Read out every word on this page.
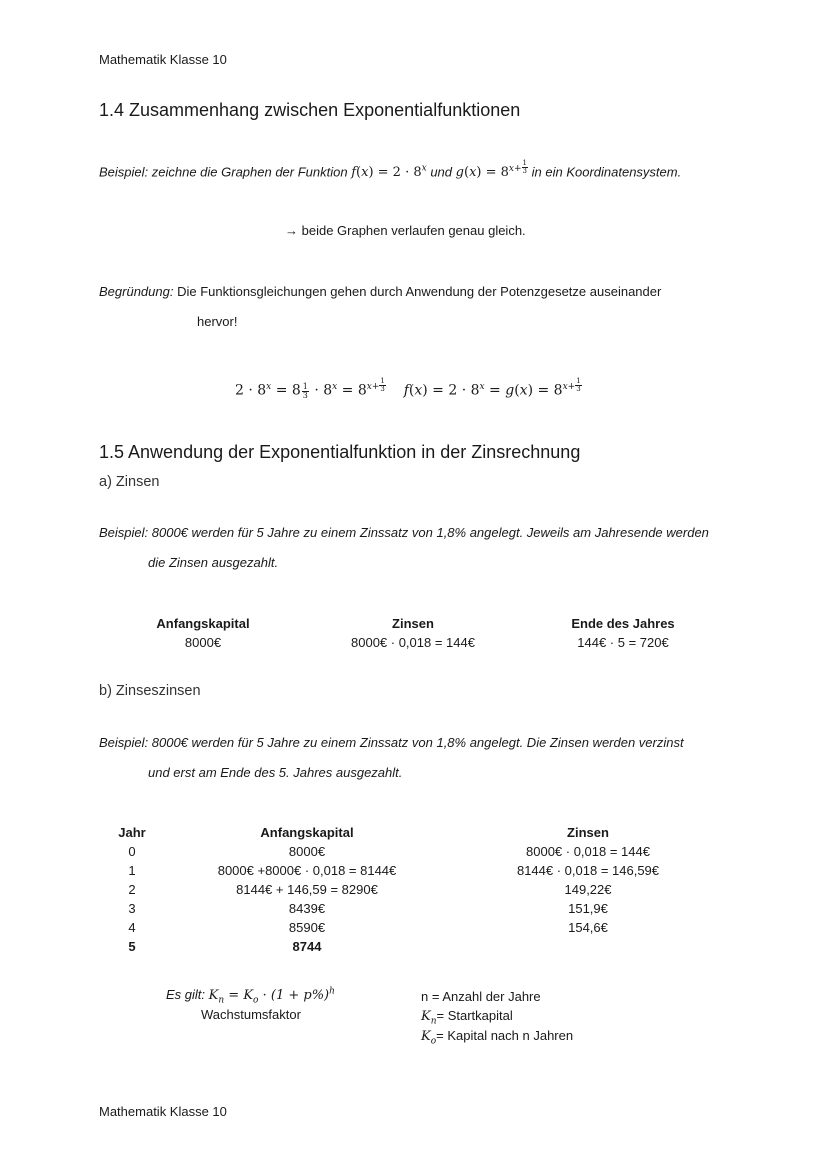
Mathematik Klasse 10
1.4 Zusammenhang zwischen Exponentialfunktionen
Beispiel: zeichne die Graphen der Funktion $f(x) = 2 \cdot 8^x$ und $g(x) = 8^{x+ \frac{1}{3}}$ in ein Koordinatensystem.
→ beide Graphen verlaufen genau gleich.
Begründung: Die Funktionsgleichungen gehen durch Anwendung der Potenzgesetze auseinander
hervor!
$2 \cdot 8^x = 8 \frac{1}{3} \cdot 8^x = 8^{x+ \frac{1}{3}}$ $f(x) = 2 \cdot 8^x = g(x) = 8^{x+ \frac{1}{3}}$
1.5 Anwendung der Exponentialfunktion in der Zinsrechnung
a) Zinsen
Beispiel: 8000€ werden für 5 Jahre zu einem Zinssatz von 1,8% angelegt. Jeweils am Jahresende werden
die Zinsen ausgezahlt.
Anfangskapital
8000€
Zinsen
8000€ · 0,018 = 144€
Ende des Jahres
144€ · 5 = 720€
b) Zinseszinsen
Beispiel: 8000€ werden für 5 Jahre zu einem Zinssatz von 1,8% angelegt. Die Zinsen werden verzinst
und erst am Ende des 5. Jahres ausgezahlt.
Jahr
0
1
2
3
4
5
Anfangskapital
8000€
8000€ +8000€ · 0,018 = 8144€
8144€ + 146,59 = 8290€
8439€
8590€
8744
Zinsen
8000€ · 0,018 = 144€
8144€ · 0,018 = 146,59€
149,22€
151,9€
154,6€
Es gilt: $K_n = K_o \cdot (1 + p\%)^h$
Wachstumsfaktor
n = Anzahl der Jahre
$K_n=$ Startkapital
$K_o=$ Kapital nach n Jahren
Mathematik Klasse 10
